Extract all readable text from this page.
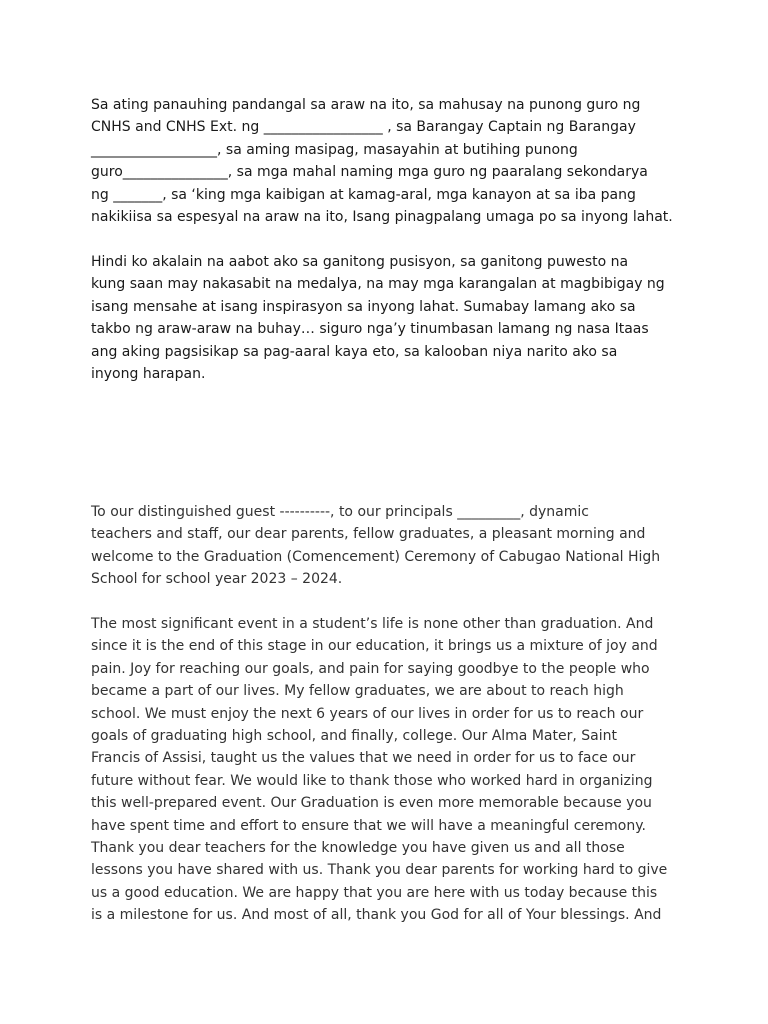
Sa ating panauhing pandangal sa araw na ito, sa mahusay na punong guro ng
CNHS and CNHS Ext. ng _________________ , sa Barangay Captain ng Barangay
__________________, sa aming masipag, masayahin at butihing punong
guro_______________, sa mga mahal naming mga guro ng paaralang sekondarya
ng _______, sa ‘king mga kaibigan at kamag-aral, mga kanayon at sa iba pang
nakikiisa sa espesyal na araw na ito, Isang pinagpalang umaga po sa inyong lahat.

Hindi ko akalain na aabot ako sa ganitong pusisyon, sa ganitong puwesto na
kung saan may nakasabit na medalya, na may mga karangalan at magbibigay ng
isang mensahe at isang inspirasyon sa inyong lahat. Sumabay lamang ako sa
takbo ng araw-araw na buhay… siguro nga’y tinumbasan lamang ng nasa Itaas
ang aking pagsisikap sa pag-aaral kaya eto, sa kalooban niya narito ako sa
inyong harapan.

To our distinguished guest ----------, to our principals _________, dynamic
teachers and staff, our dear parents, fellow graduates, a pleasant morning and
welcome to the Graduation (Comencement) Ceremony of Cabugao National High
School for school year 2023 – 2024.

The most significant event in a student’s life is none other than graduation. And
since it is the end of this stage in our education, it brings us a mixture of joy and
pain. Joy for reaching our goals, and pain for saying goodbye to the people who
became a part of our lives. My fellow graduates, we are about to reach high
school. We must enjoy the next 6 years of our lives in order for us to reach our
goals of graduating high school, and finally, college. Our Alma Mater, Saint
Francis of Assisi, taught us the values that we need in order for us to face our
future without fear. We would like to thank those who worked hard in organizing
this well-prepared event. Our Graduation is even more memorable because you
have spent time and effort to ensure that we will have a meaningful ceremony.
Thank you dear teachers for the knowledge you have given us and all those
lessons you have shared with us. Thank you dear parents for working hard to give
us a good education. We are happy that you are here with us today because this
is a milestone for us. And most of all, thank you God for all of Your blessings. And
